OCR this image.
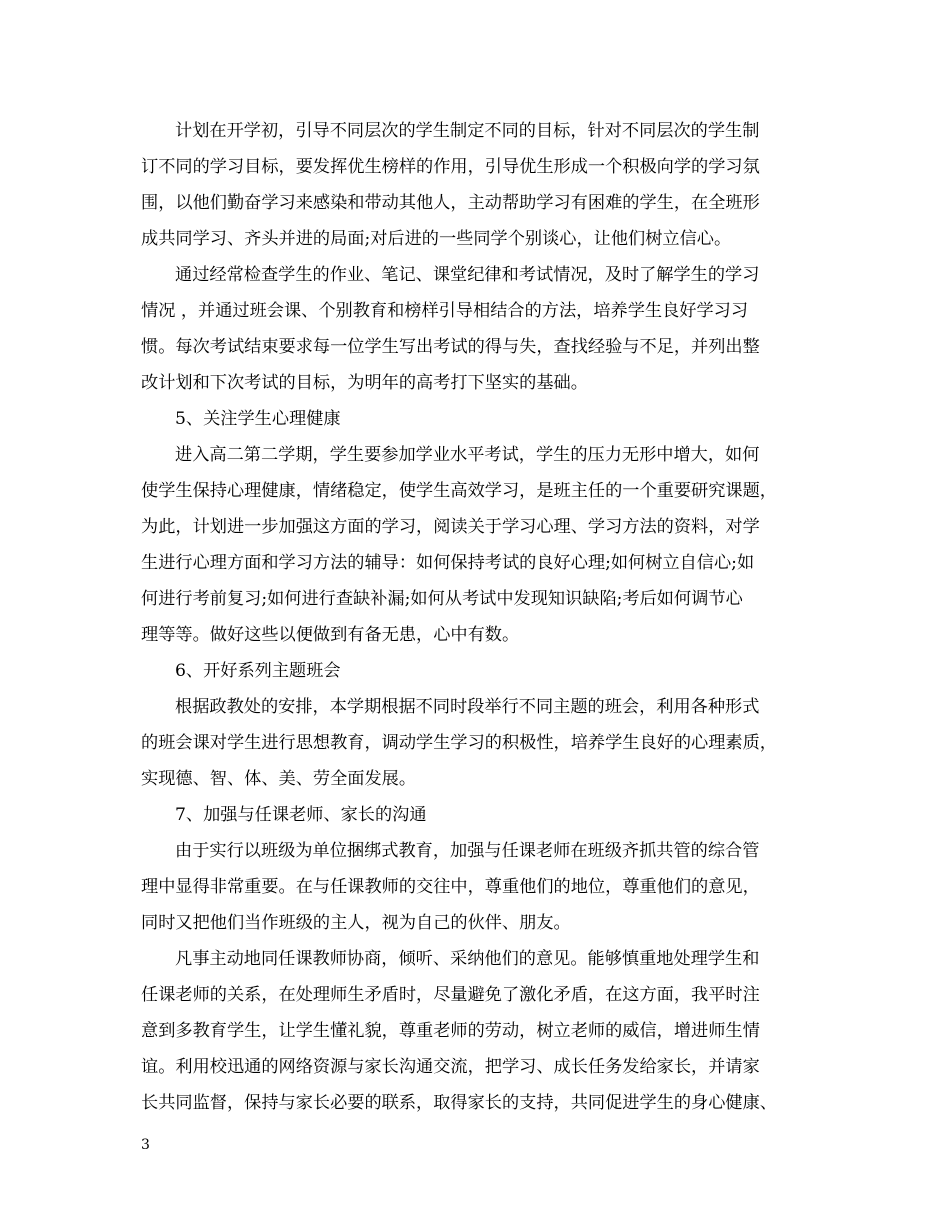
计划在开学初，引导不同层次的学生制定不同的目标，针对不同层次的学生制
订不同的学习目标，要发挥优生榜样的作用，引导优生形成一个积极向学的学习氛
围，以他们勤奋学习来感染和带动其他人，主动帮助学习有困难的学生，在全班形
成共同学习、齐头并进的局面;对后进的一些同学个别谈心，让他们树立信心。
通过经常检查学生的作业、笔记、课堂纪律和考试情况，及时了解学生的学习
情况 ，并通过班会课、个别教育和榜样引导相结合的方法，培养学生良好学习习
惯。每次考试结束要求每一位学生写出考试的得与失，查找经验与不足，并列出整
改计划和下次考试的目标，为明年的高考打下坚实的基础。
5、关注学生心理健康
进入高二第二学期，学生要参加学业水平考试，学生的压力无形中增大，如何
使学生保持心理健康，情绪稳定，使学生高效学习，是班主任的一个重要研究课题，
为此，计划进一步加强这方面的学习，阅读关于学习心理、学习方法的资料，对学
生进行心理方面和学习方法的辅导：如何保持考试的良好心理;如何树立自信心;如
何进行考前复习;如何进行查缺补漏;如何从考试中发现知识缺陷;考后如何调节心
理等等。做好这些以便做到有备无患，心中有数。
6、开好系列主题班会
根据政教处的安排，本学期根据不同时段举行不同主题的班会，利用各种形式
的班会课对学生进行思想教育，调动学生学习的积极性，培养学生良好的心理素质，
实现德、智、体、美、劳全面发展。
7、加强与任课老师、家长的沟通
由于实行以班级为单位捆绑式教育，加强与任课老师在班级齐抓共管的综合管
理中显得非常重要。在与任课教师的交往中，尊重他们的地位，尊重他们的意见，
同时又把他们当作班级的主人，视为自己的伙伴、朋友。
凡事主动地同任课教师协商，倾听、采纳他们的意见。能够慎重地处理学生和
任课老师的关系，在处理师生矛盾时，尽量避免了激化矛盾，在这方面，我平时注
意到多教育学生，让学生懂礼貌，尊重老师的劳动，树立老师的威信，增进师生情
谊。利用校迅通的网络资源与家长沟通交流，把学习、成长任务发给家长，并请家
长共同监督，保持与家长必要的联系，取得家长的支持，共同促进学生的身心健康、
3
